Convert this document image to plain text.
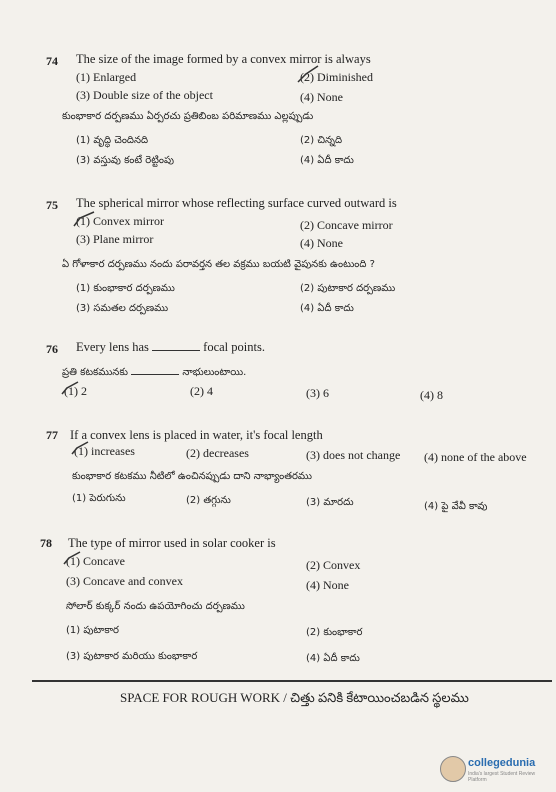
74 The size of the image formed by a convex mirror is always
(1) Enlarged	(2) Diminished
(3) Double size of the object	(4) None
కుంభాకార దర్పణము ఏర్పరచు ప్రతిబింబ పరిమాణము ఎల్లప్పుడు
(1) వృద్ధి చెందినది	(2) చిన్నది
(3) వస్తువు కంటే రెట్టింపు	(4) ఏదీ కాదు
75 The spherical mirror whose reflecting surface curved outward is
(1) Convex mirror	(2) Concave mirror
(3) Plane mirror	(4) None
ఏ గోళాకార దర్పణము నందు పరావర్తన తల వక్రము బయటి వైపునకు ఉంటుంది ?
(1) కుంభాకార దర్పణము	(2) పుటాకార దర్పణము
(3) సమతల దర్పణము	(4) ఏదీ కాదు
76 Every lens has	focal points.
ప్రతి కటకమునకు	నాభులుంటాయి.
(1) 2	(2) 4	(3) 6	(4) 8
77 If a convex lens is placed in water, it's focal length
(1) increases	(2) decreases	(3) does not change (4) none of the above
కుంభాకార కటకము నీటిలో ఉంచినప్పుడు దాని నాభ్యాంతరము
(1) పెరుగును	(2) తగ్గును	(3) మారదు	(4) పై వేవీ కావు
78 The type of mirror used in solar cooker is
(1) Concave	(2) Convex
(3) Concave and convex	(4) None
సోలార్ కుక్కర్ నందు ఉపయోగించు దర్పణము
(1) పుటాకార	(2) కుంభాకార
(3) పుటాకార మరియు కుంభాకార	(4) ఏదీ కాదు
SPACE FOR ROUGH WORK / చిత్తు పనికి కేటాయించబడిన స్థలము
collegedunia
India's largest Student Review Platform
